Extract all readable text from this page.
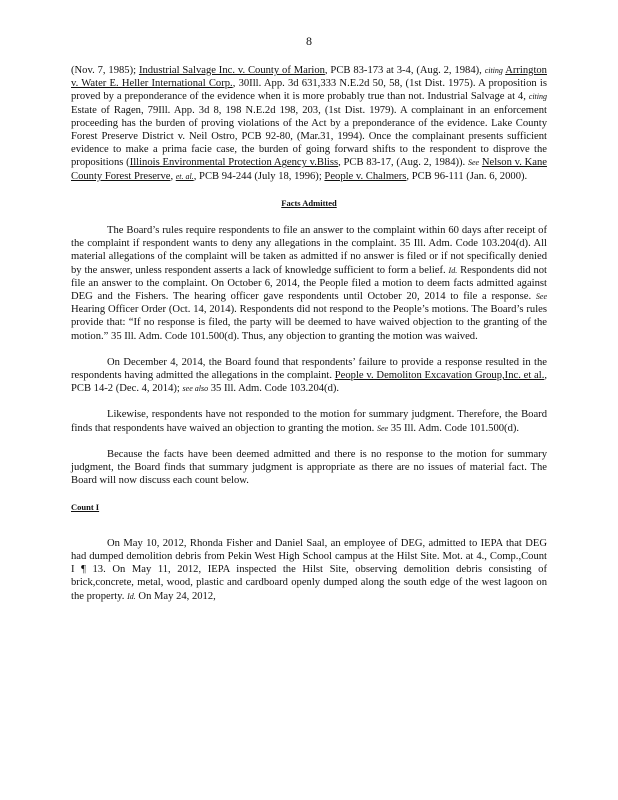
8

(Nov. 7, 1985); Industrial Salvage Inc. v. County of Marion, PCB 83-173 at 3-4, (Aug. 2, 1984), citing Arrington v. Water E. Heller International Corp., 30Ill. App. 3d 631,333 N.E.2d 50, 58, (1st Dist. 1975). A proposition is proved by a preponderance of the evidence when it is more probably true than not. Industrial Salvage at 4, citing Estate of Ragen, 79Ill. App. 3d 8, 198 N.E.2d 198, 203, (1st Dist. 1979). A complainant in an enforcement proceeding has the burden of proving violations of the Act by a preponderance of the evidence. Lake County Forest Preserve District v. Neil Ostro, PCB 92-80, (Mar.31, 1994). Once the complainant presents sufficient evidence to make a prima facie case, the burden of going forward shifts to the respondent to disprove the propositions (Illinois Environmental Protection Agency v.Bliss, PCB 83-17, (Aug. 2, 1984)). See Nelson v. Kane County Forest Preserve, et. al., PCB 94-244 (July 18, 1996); People v. Chalmers, PCB 96-111 (Jan. 6, 2000).

Facts Admitted

The Board’s rules require respondents to file an answer to the complaint within 60 days after receipt of the complaint if respondent wants to deny any allegations in the complaint. 35 Ill. Adm. Code 103.204(d). All material allegations of the complaint will be taken as admitted if no answer is filed or if not specifically denied by the answer, unless respondent asserts a lack of knowledge sufficient to form a belief. Id. Respondents did not file an answer to the complaint. On October 6, 2014, the People filed a motion to deem facts admitted against DEG and the Fishers. The hearing officer gave respondents until October 20, 2014 to file a response. See Hearing Officer Order (Oct. 14, 2014). Respondents did not respond to the People’s motions. The Board’s rules provide that: “If no response is filed, the party will be deemed to have waived objection to the granting of the motion.” 35 Ill. Adm. Code 101.500(d). Thus, any objection to granting the motion was waived.

On December 4, 2014, the Board found that respondents’ failure to provide a response resulted in the respondents having admitted the allegations in the complaint. People v. Demoliton Excavation Group,Inc. et al., PCB 14-2 (Dec. 4, 2014); see also 35 Ill. Adm. Code 103.204(d).

Likewise, respondents have not responded to the motion for summary judgment. Therefore, the Board finds that respondents have waived an objection to granting the motion. See 35 Ill. Adm. Code 101.500(d).

Because the facts have been deemed admitted and there is no response to the motion for summary judgment, the Board finds that summary judgment is appropriate as there are no issues of material fact. The Board will now discuss each count below.

Count I

On May 10, 2012, Rhonda Fisher and Daniel Saal, an employee of DEG, admitted to IEPA that DEG had dumped demolition debris from Pekin West High School campus at the Hilst Site. Mot. at 4., Comp.,Count I ¶ 13. On May 11, 2012, IEPA inspected the Hilst Site, observing demolition debris consisting of brick,concrete, metal, wood, plastic and cardboard openly dumped along the south edge of the west lagoon on the property. Id. On May 24, 2012,
